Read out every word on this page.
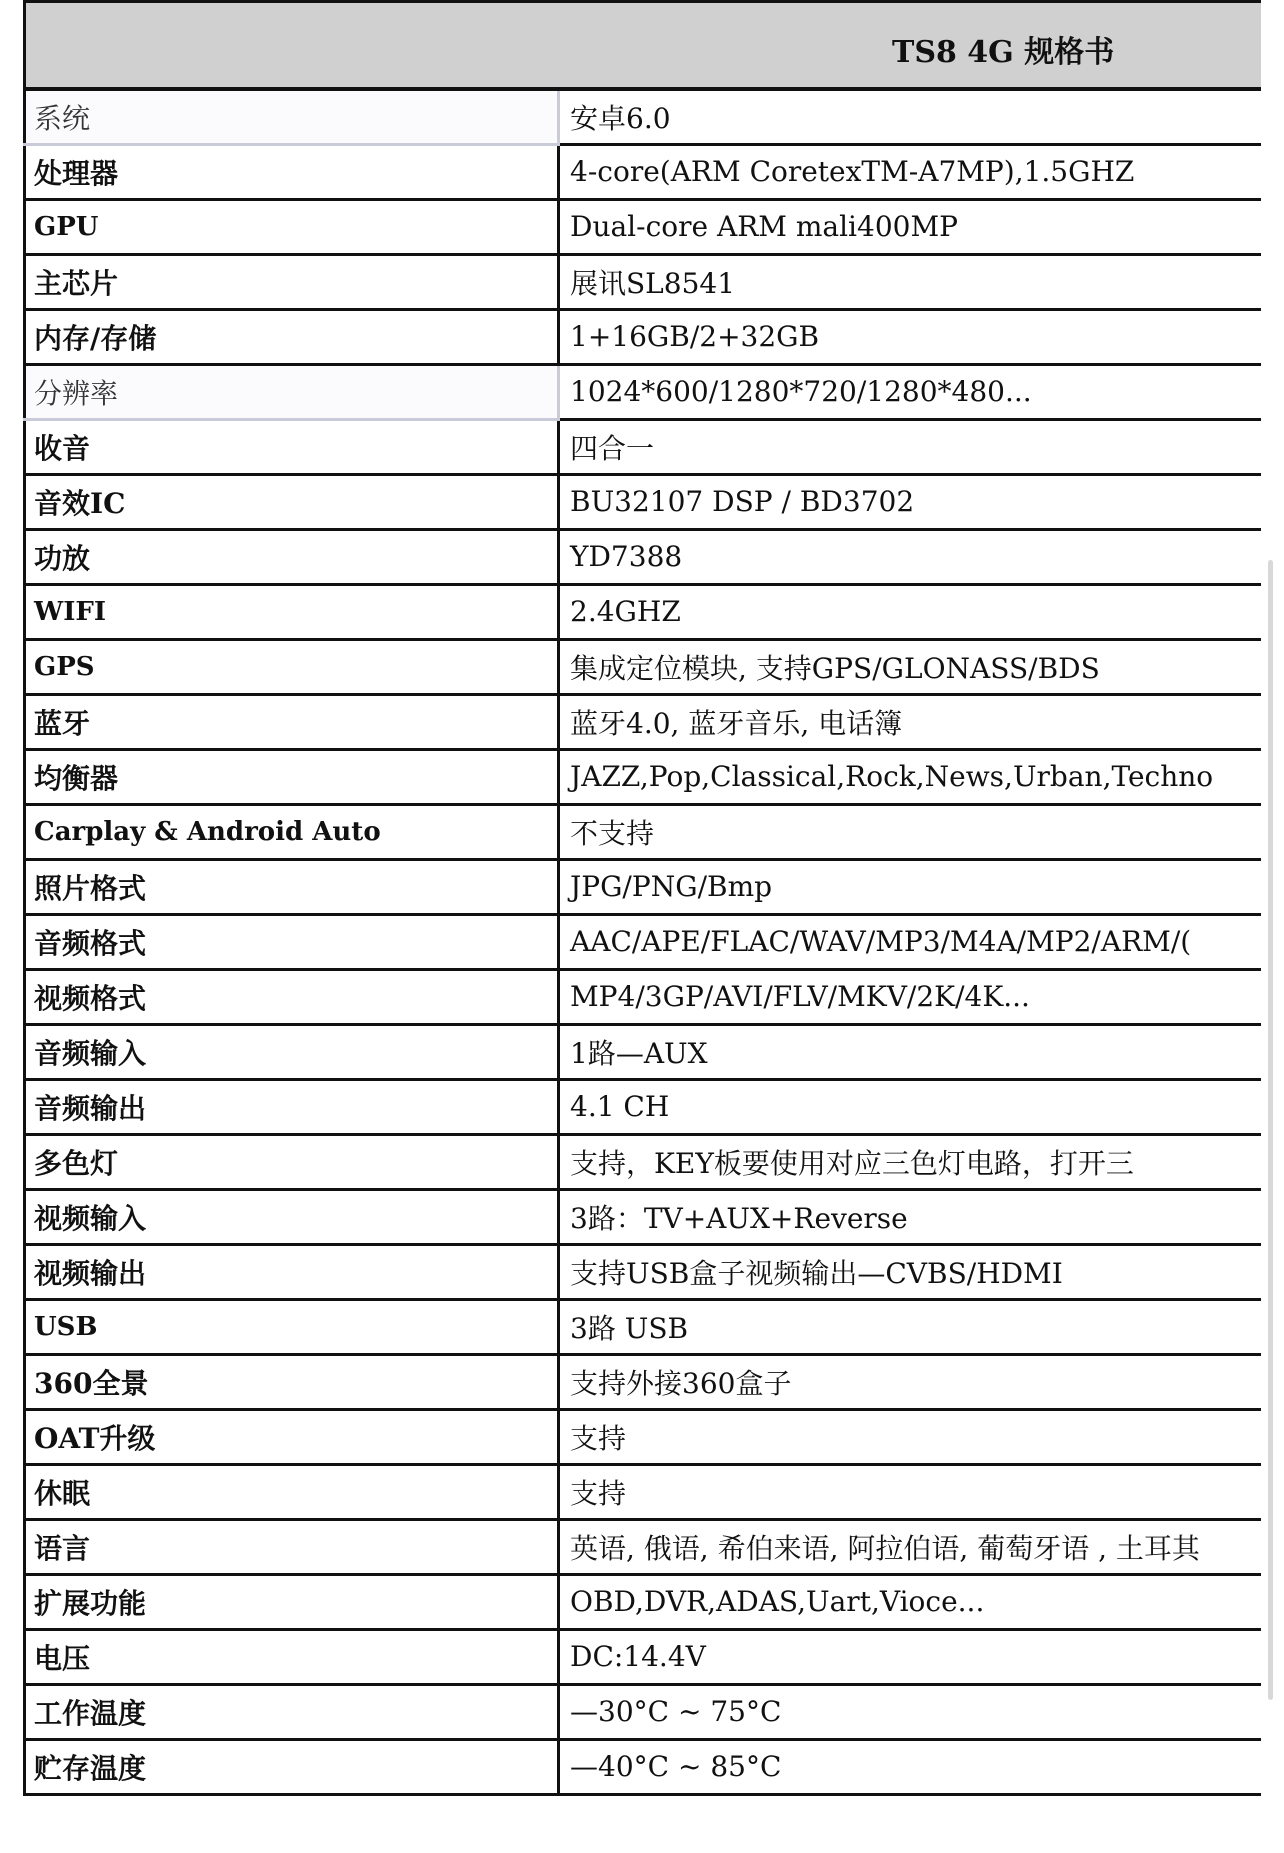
TS8 4G 规格书	

系统	安卓6.0
处理器	4-core(ARM CoretexTM-A7MP),1.5GHZ
GPU	Dual-core ARM mali400MP
主芯片	展讯SL8541
内存/存储	1+16GB/2+32GB
分辨率	1024*600/1280*720/1280*480...
收音	四合一
音效IC	BU32107 DSP / BD3702
功放	YD7388
WIFI	2.4GHZ
GPS	集成定位模块, 支持GPS/GLONASS/BDS
蓝牙	蓝牙4.0, 蓝牙音乐, 电话簿
均衡器	JAZZ,Pop,Classical,Rock,News,Urban,Techno
Carplay & Android Auto	不支持
照片格式	JPG/PNG/Bmp
音频格式	AAC/APE/FLAC/WAV/MP3/M4A/MP2/ARM/(
视频格式	MP4/3GP/AVI/FLV/MKV/2K/4K...
音频输入	1路—AUX
音频输出	4.1 CH
多色灯	支持，KEY板要使用对应三色灯电路，打开三
视频输入	3路：TV+AUX+Reverse
视频输出	支持USB盒子视频输出—CVBS/HDMI
USB	3路 USB
360全景	支持外接360盒子
OAT升级	支持
休眠	支持
语言	英语, 俄语, 希伯来语, 阿拉伯语, 葡萄牙语 , 土耳其
扩展功能	OBD,DVR,ADAS,Uart,Vioce...
电压	DC:14.4V
工作温度	—30°C ~ 75°C
贮存温度	—40°C ~ 85°C
